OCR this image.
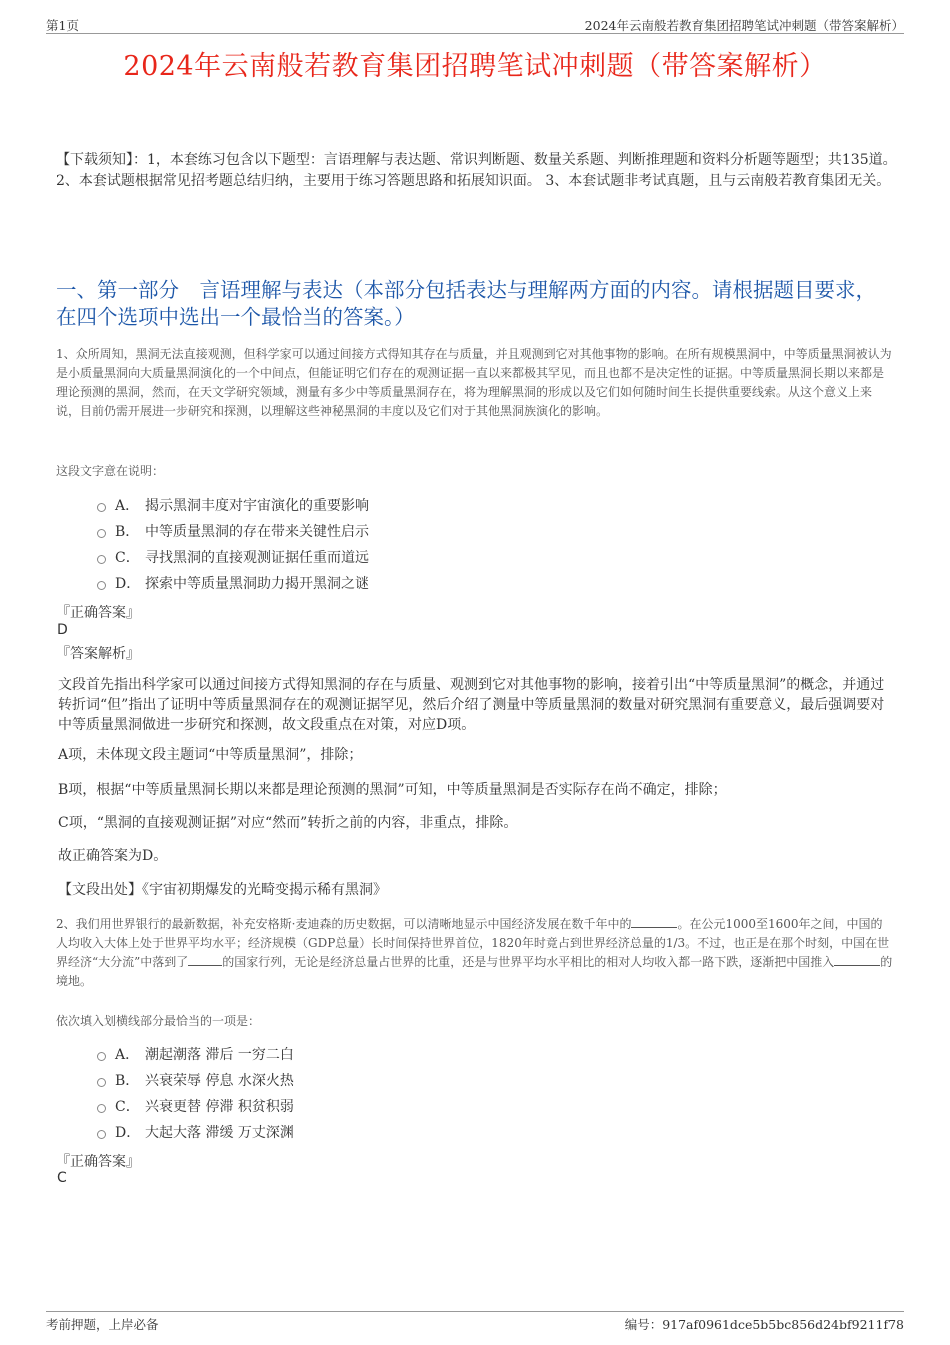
第1页	2024年云南般若教育集团招聘笔试冲刺题（带答案解析）
2024年云南般若教育集团招聘笔试冲刺题（带答案解析）
【下载须知】：1，本套练习包含以下题型：言语理解与表达题、常识判断题、数量关系题、判断推理题和资料分析题等题型；共135道。 2、本套试题根据常见招考题总结归纳，主要用于练习答题思路和拓展知识面。 3、本套试题非考试真题，且与云南般若教育集团无关。
一、第一部分　言语理解与表达（本部分包括表达与理解两方面的内容。请根据题目要求，在四个选项中选出一个最恰当的答案。）
1、众所周知，黑洞无法直接观测，但科学家可以通过间接方式得知其存在与质量，并且观测到它对其他事物的影响。在所有规模黑洞中，中等质量黑洞被认为是小质量黑洞向大质量黑洞演化的一个中间点，但能证明它们存在的观测证据一直以来都极其罕见，而且也都不是决定性的证据。中等质量黑洞长期以来都是理论预测的黑洞，然而，在天文学研究领域，测量有多少中等质量黑洞存在，将为理解黑洞的形成以及它们如何随时间生长提供重要线索。从这个意义上来说，目前仍需开展进一步研究和探测，以理解这些神秘黑洞的丰度以及它们对于其他黑洞族演化的影响。
这段文字意在说明：
A． 揭示黑洞丰度对宇宙演化的重要影响
B． 中等质量黑洞的存在带来关键性启示
C． 寻找黑洞的直接观测证据任重而道远
D． 探索中等质量黑洞助力揭开黑洞之谜
『正确答案』
D
『答案解析』
文段首先指出科学家可以通过间接方式得知黑洞的存在与质量、观测到它对其他事物的影响，接着引出“中等质量黑洞”的概念，并通过转折词“但”指出了证明中等质量黑洞存在的观测证据罕见，然后介绍了测量中等质量黑洞的数量对研究黑洞有重要意义，最后强调要对中等质量黑洞做进一步研究和探测，故文段重点在对策，对应D项。
A项，未体现文段主题词“中等质量黑洞”，排除；
B项，根据“中等质量黑洞长期以来都是理论预测的黑洞”可知，中等质量黑洞是否实际存在尚不确定，排除；
C项，“黑洞的直接观测证据”对应“然而”转折之前的内容，非重点，排除。
故正确答案为D。
【文段出处】《宇宙初期爆发的光畸变揭示稀有黑洞》
2、我们用世界银行的最新数据，补充安格斯·麦迪森的历史数据，可以清晰地显示中国经济发展在数千年中的	。在公元1000至1600年之间，中国的人均收入大体上处于世界平均水平；经济规模（GDP总量）长时间保持世界首位，1820年时竟占到世界经济总量的1/3。不过，也正是在那个时刻，中国在世界经济“大分流”中落到了	的国家行列，无论是经济总量占世界的比重，还是与世界平均水平相比的相对人均收入都一路下跌，逐渐把中国推入	的境地。
依次填入划横线部分最恰当的一项是：
A． 潮起潮落 滞后 一穷二白
B． 兴衰荣辱 停息 水深火热
C． 兴衰更替 停滞 积贫积弱
D． 大起大落 滞缓 万丈深渊
『正确答案』
C
考前押题，上岸必备	编号：917af0961dce5b5bc856d24bf9211f78
